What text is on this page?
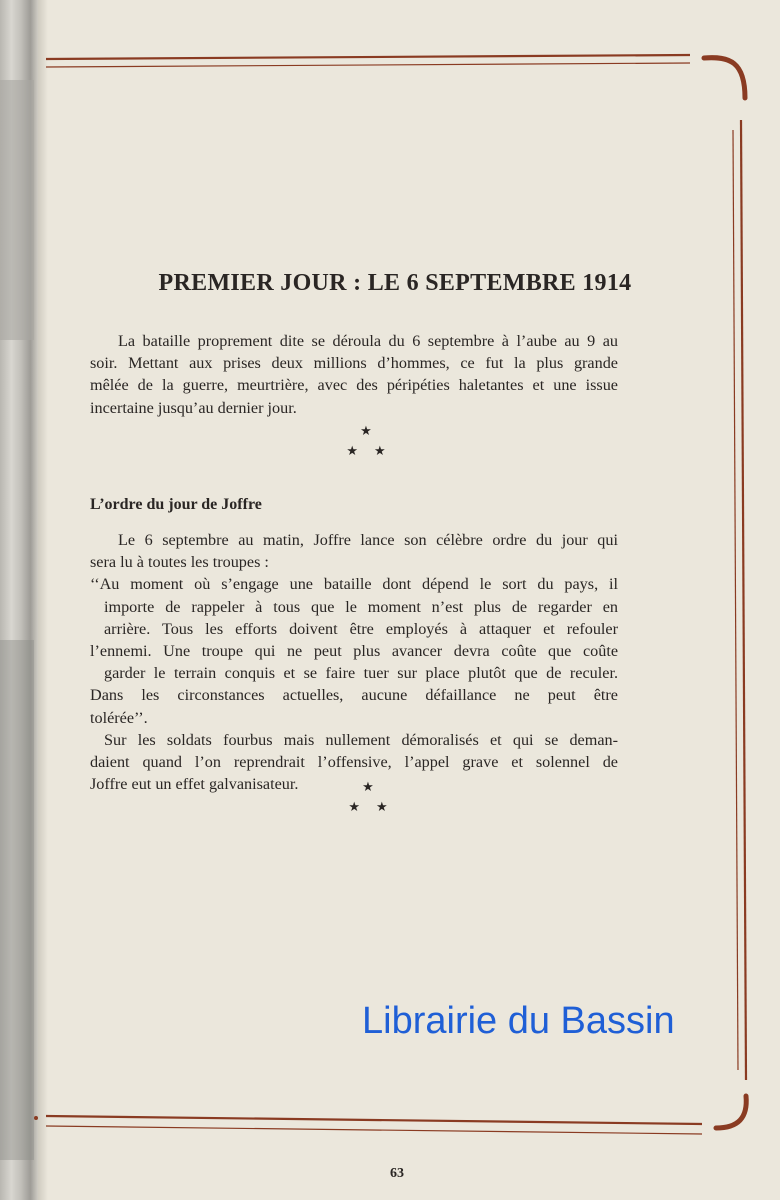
PREMIER JOUR : LE 6 SEPTEMBRE 1914
La bataille proprement dite se déroula du 6 septembre à l’aube au 9 au
soir. Mettant aux prises deux millions d’hommes, ce fut la plus grande
mêlée de la guerre, meurtrière, avec des péripéties haletantes et une issue
incertaine jusqu’au dernier jour.
★
★ ★
L’ordre du jour de Joffre
Le 6 septembre au matin, Joffre lance son célèbre ordre du jour qui
sera lu à toutes les troupes :
‘‘Au moment où s’engage une bataille dont dépend le sort du pays, il
importe de rappeler à tous que le moment n’est plus de regarder en
arrière. Tous les efforts doivent être employés à attaquer et refouler
l’ennemi. Une troupe qui ne peut plus avancer devra coûte que coûte
garder le terrain conquis et se faire tuer sur place plutôt que de reculer.
Dans les circonstances actuelles, aucune défaillance ne peut être
tolérée’’.
Sur les soldats fourbus mais nullement démoralisés et qui se deman-
daient quand l’on reprendrait l’offensive, l’appel grave et solennel de
Joffre eut un effet galvanisateur.	★
★ ★
Librairie du Bassin
63
